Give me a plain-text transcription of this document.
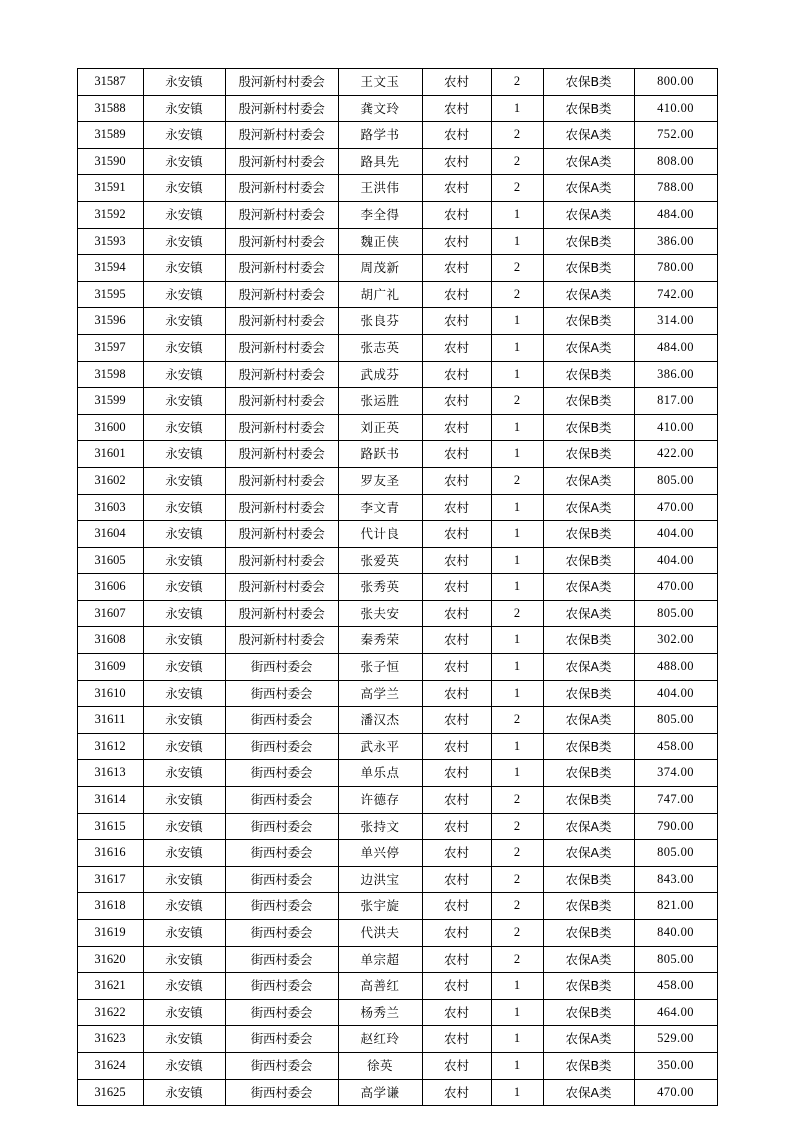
31587	永安镇	殷河新村村委会	王文玉	农村	2	农保B类	800.00
31588	永安镇	殷河新村村委会	龚文玲	农村	1	农保B类	410.00
31589	永安镇	殷河新村村委会	路学书	农村	2	农保A类	752.00
31590	永安镇	殷河新村村委会	路具先	农村	2	农保A类	808.00
31591	永安镇	殷河新村村委会	王洪伟	农村	2	农保A类	788.00
31592	永安镇	殷河新村村委会	李全得	农村	1	农保A类	484.00
31593	永安镇	殷河新村村委会	魏正侠	农村	1	农保B类	386.00
31594	永安镇	殷河新村村委会	周茂新	农村	2	农保B类	780.00
31595	永安镇	殷河新村村委会	胡广礼	农村	2	农保A类	742.00
31596	永安镇	殷河新村村委会	张良芬	农村	1	农保B类	314.00
31597	永安镇	殷河新村村委会	张志英	农村	1	农保A类	484.00
31598	永安镇	殷河新村村委会	武成芬	农村	1	农保B类	386.00
31599	永安镇	殷河新村村委会	张运胜	农村	2	农保B类	817.00
31600	永安镇	殷河新村村委会	刘正英	农村	1	农保B类	410.00
31601	永安镇	殷河新村村委会	路跃书	农村	1	农保B类	422.00
31602	永安镇	殷河新村村委会	罗友圣	农村	2	农保A类	805.00
31603	永安镇	殷河新村村委会	李文青	农村	1	农保A类	470.00
31604	永安镇	殷河新村村委会	代计良	农村	1	农保B类	404.00
31605	永安镇	殷河新村村委会	张爱英	农村	1	农保B类	404.00
31606	永安镇	殷河新村村委会	张秀英	农村	1	农保A类	470.00
31607	永安镇	殷河新村村委会	张夫安	农村	2	农保A类	805.00
31608	永安镇	殷河新村村委会	秦秀荣	农村	1	农保B类	302.00
31609	永安镇	街西村委会	张子恒	农村	1	农保A类	488.00
31610	永安镇	街西村委会	高学兰	农村	1	农保B类	404.00
31611	永安镇	街西村委会	潘汉杰	农村	2	农保A类	805.00
31612	永安镇	街西村委会	武永平	农村	1	农保B类	458.00
31613	永安镇	街西村委会	单乐点	农村	1	农保B类	374.00
31614	永安镇	街西村委会	许德存	农村	2	农保B类	747.00
31615	永安镇	街西村委会	张持文	农村	2	农保A类	790.00
31616	永安镇	街西村委会	单兴停	农村	2	农保A类	805.00
31617	永安镇	街西村委会	边洪宝	农村	2	农保B类	843.00
31618	永安镇	街西村委会	张宇旋	农村	2	农保B类	821.00
31619	永安镇	街西村委会	代洪夫	农村	2	农保B类	840.00
31620	永安镇	街西村委会	单宗超	农村	2	农保A类	805.00
31621	永安镇	街西村委会	高善红	农村	1	农保B类	458.00
31622	永安镇	街西村委会	杨秀兰	农村	1	农保B类	464.00
31623	永安镇	街西村委会	赵红玲	农村	1	农保A类	529.00
31624	永安镇	街西村委会	徐英	农村	1	农保B类	350.00
31625	永安镇	街西村委会	高学谦	农村	1	农保A类	470.00
